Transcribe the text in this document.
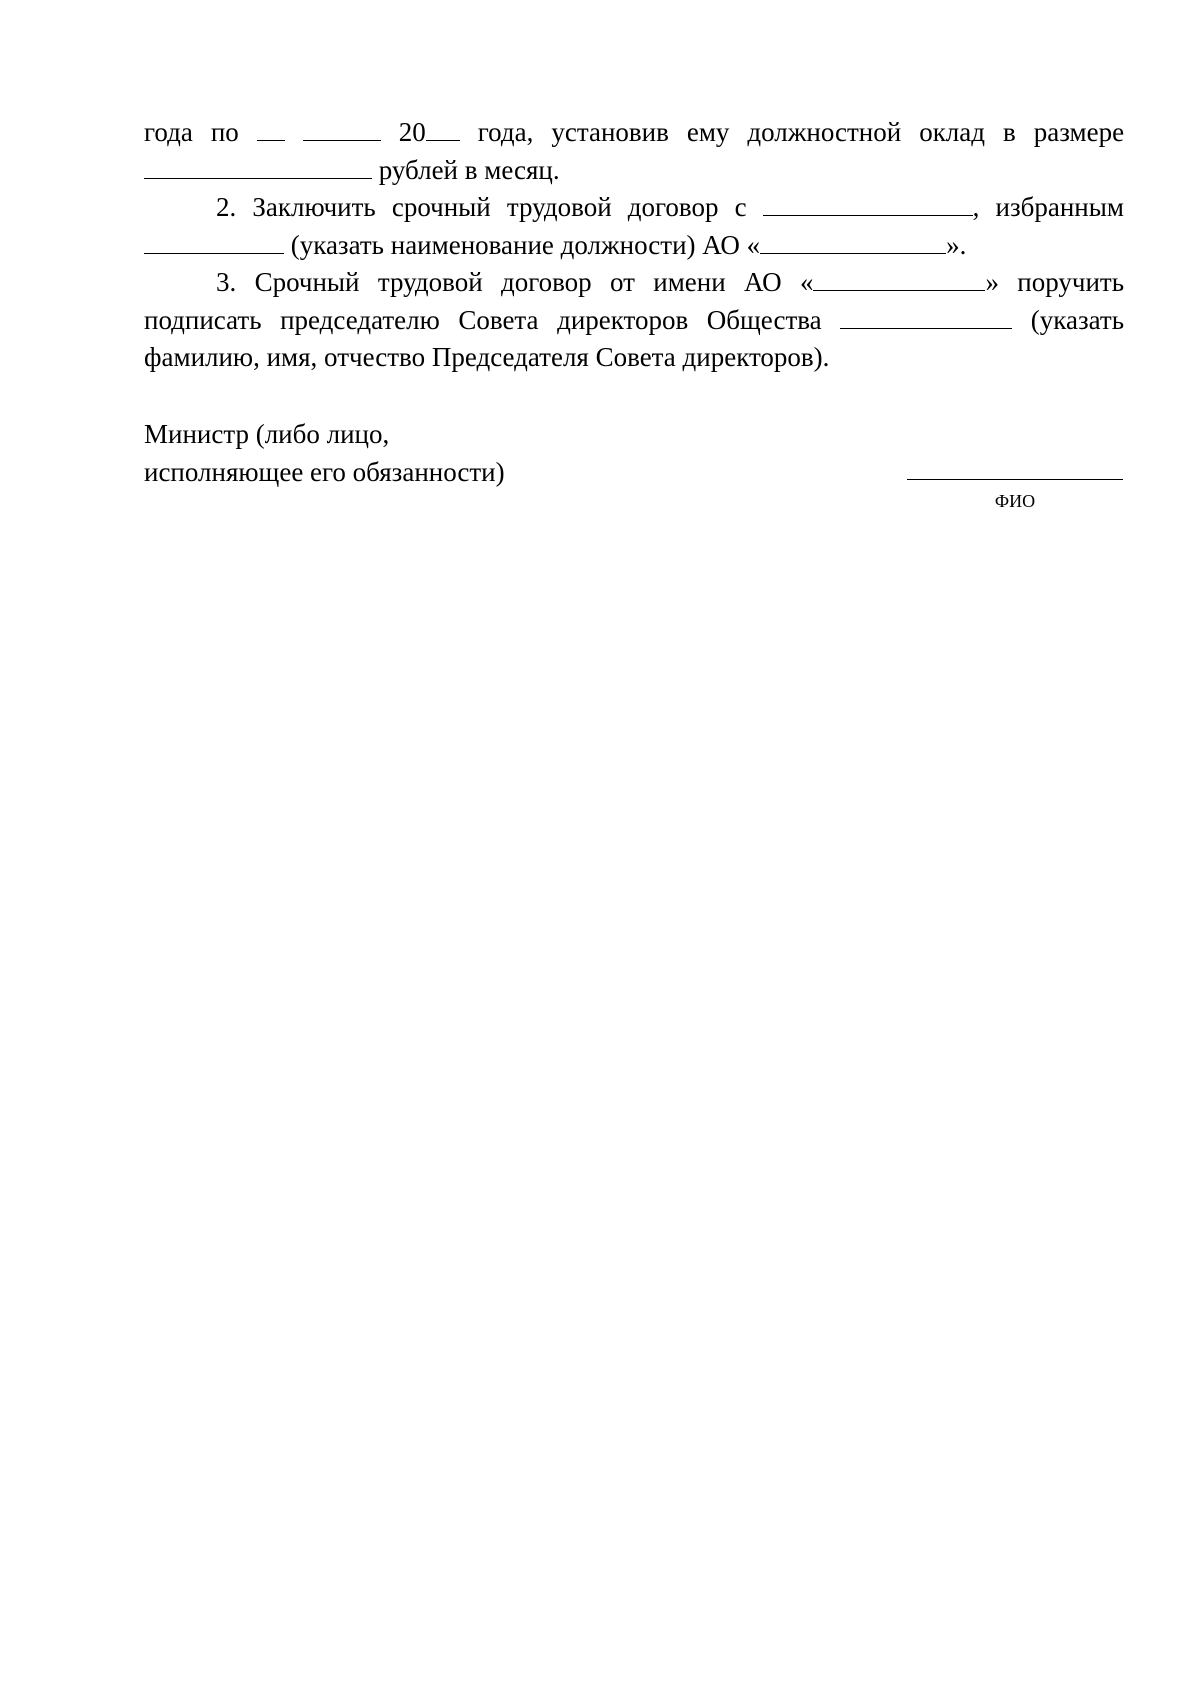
года по	20 года, установив ему должностной оклад в размере  рублей в месяц.

2. Заключить срочный трудовой договор с	, избранным  (указать наименование должности) АО «	».

3. Срочный трудовой договор от имени АО «	» поручить подписать председателю Совета директоров Общества	(указать фамилию, имя, отчество Председателя Совета директоров).

Министр (либо лицо,

исполняющее его обязанности)

ФИО
